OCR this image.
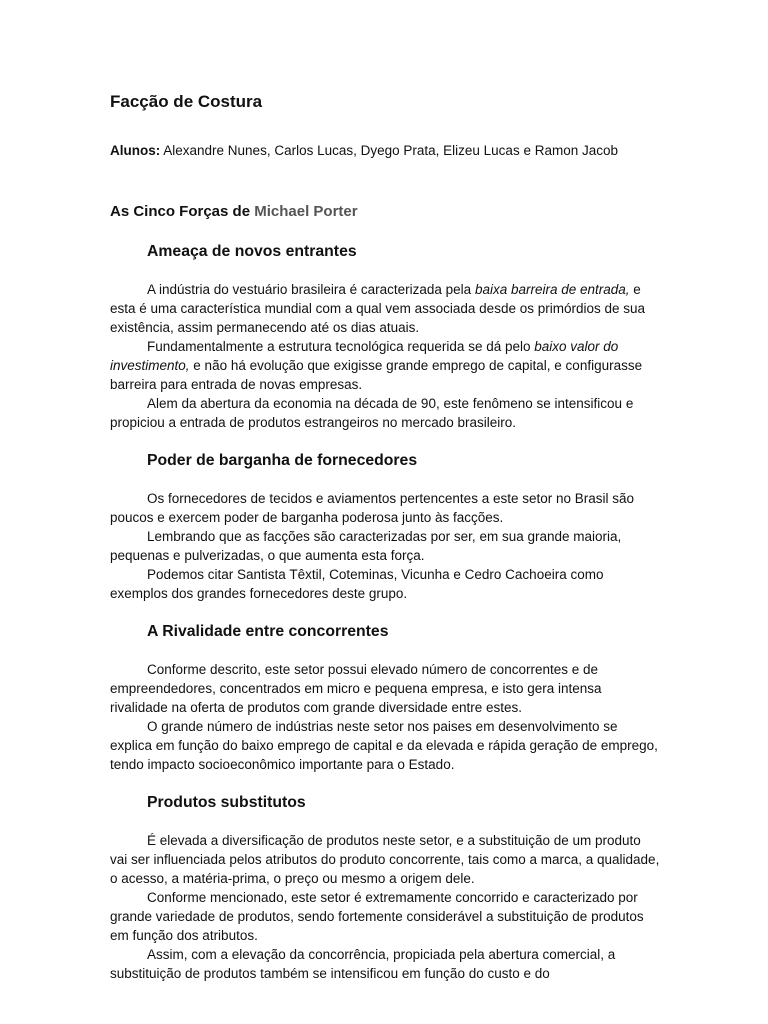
Facção de Costura

Alunos: Alexandre Nunes, Carlos Lucas, Dyego Prata, Elizeu Lucas e Ramon Jacob

As Cinco Forças de Michael Porter
Ameaça de novos entrantes

A indústria do vestuário brasileira é caracterizada pela baixa barreira de entrada, e esta é uma característica mundial com a qual vem associada desde os primórdios de sua existência, assim permanecendo até os dias atuais.

Fundamentalmente a estrutura tecnológica requerida se dá pelo baixo valor do investimento, e não há evolução que exigisse grande emprego de capital, e configurasse barreira para entrada de novas empresas.

Alem da abertura da economia na década de 90, este fenômeno se intensificou e propiciou a entrada de produtos estrangeiros no mercado brasileiro.

Poder de barganha de fornecedores

Os fornecedores de tecidos e aviamentos pertencentes a este setor no Brasil são poucos e exercem poder de barganha poderosa junto às facções.

Lembrando que as facções são caracterizadas por ser, em sua grande maioria, pequenas e pulverizadas, o que aumenta esta força.

Podemos citar Santista Têxtil, Coteminas, Vicunha e Cedro Cachoeira como exemplos dos grandes fornecedores deste grupo.

A Rivalidade entre concorrentes

Conforme descrito, este setor possui elevado número de concorrentes e de empreendedores, concentrados em micro e pequena empresa, e isto gera intensa rivalidade na oferta de produtos com grande diversidade entre estes.

O grande número de indústrias neste setor nos paises em desenvolvimento se explica em função do baixo emprego de capital e da elevada e rápida geração de emprego, tendo impacto socioeconômico importante para o Estado.

Produtos substitutos

É elevada a diversificação de produtos neste setor, e a substituição de um produto vai ser influenciada pelos atributos do produto concorrente, tais como a marca, a qualidade, o acesso, a matéria-prima, o preço ou mesmo a origem dele.

Conforme mencionado, este setor é extremamente concorrido e caracterizado por grande variedade de produtos, sendo fortemente considerável a substituição de produtos em função dos atributos.

Assim, com a elevação da concorrência, propiciada pela abertura comercial, a substituição de produtos também se intensificou em função do custo e do
